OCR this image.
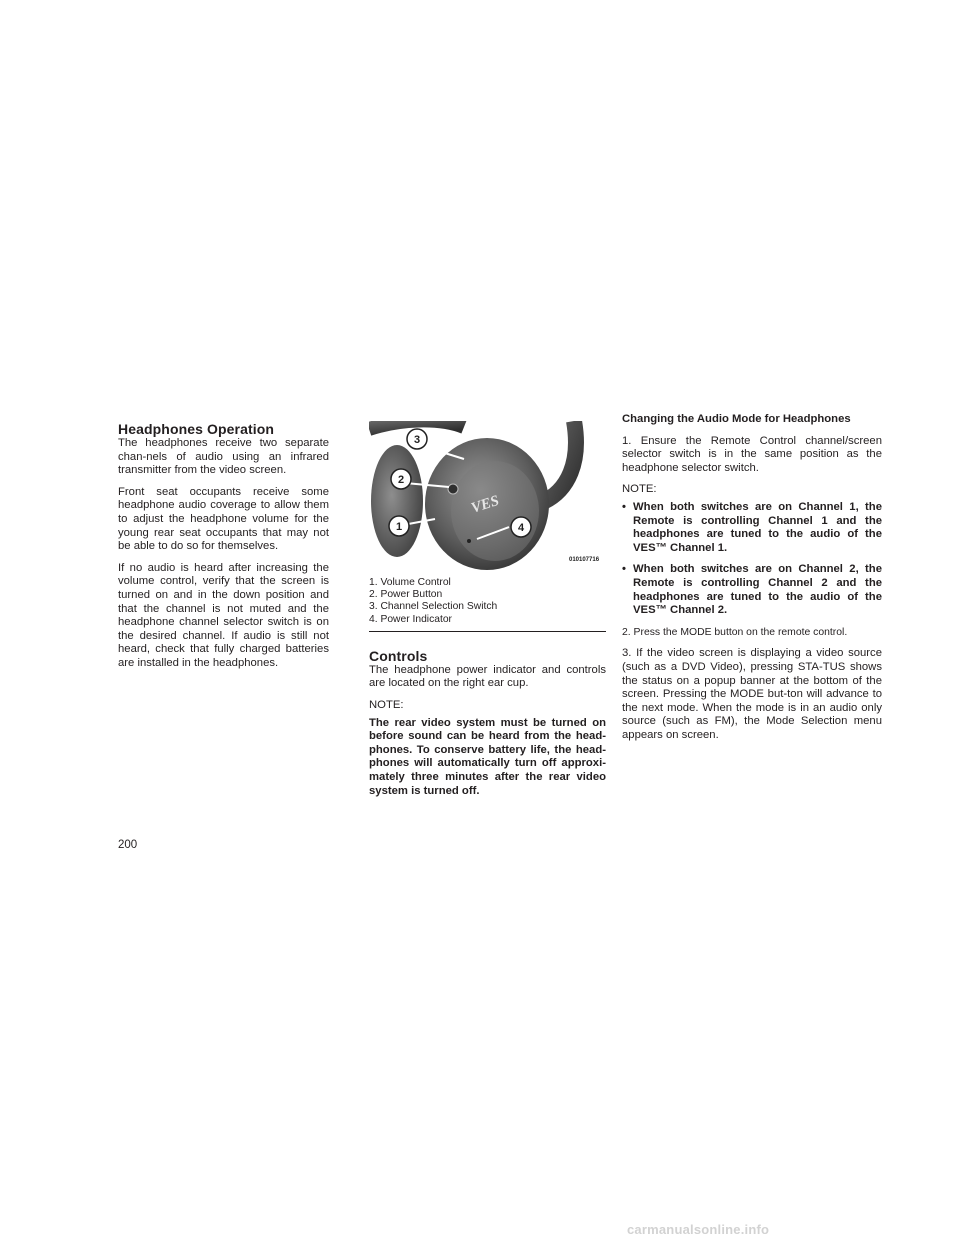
Headphones Operation

The headphones receive two separate chan-nels of audio using an infrared transmitter from the video screen.

Front seat occupants receive some headphone audio coverage to allow them to adjust the headphone volume for the young rear seat occupants that may not be able to do so for themselves.

If no audio is heard after increasing the volume control, verify that the screen is turned on and in the down position and that the channel is not muted and the headphone channel selector switch is on the desired channel. If audio is still not heard, check that fully charged batteries are installed in the headphones.

3
2
1	4
VES
010107716
1. Volume Control
2. Power Button
3. Channel Selection Switch
4. Power Indicator
Controls

The headphone power indicator and controls are located on the right ear cup.

NOTE:

The rear video system must be turned on before sound can be heard from the head-phones. To conserve battery life, the head-phones will automatically turn off approxi-mately three minutes after the rear video system is turned off.

Changing the Audio Mode for Headphones

1. Ensure the Remote Control channel/screen selector switch is in the same position as the headphone selector switch.

NOTE:

• When both switches are on Channel 1, the Remote is controlling Channel 1 and the headphones are tuned to the audio of the VES™ Channel 1.
• When both switches are on Channel 2, the Remote is controlling Channel 2 and the headphones are tuned to the audio of the VES™ Channel 2.

2. Press the MODE button on the remote control.

3. If the video screen is displaying a video source (such as a DVD Video), pressing STA-TUS shows the status on a popup banner at the bottom of the screen. Pressing the MODE but-ton will advance to the next mode. When the mode is in an audio only source (such as FM), the Mode Selection menu appears on screen.

200
carmanualsonline.info
